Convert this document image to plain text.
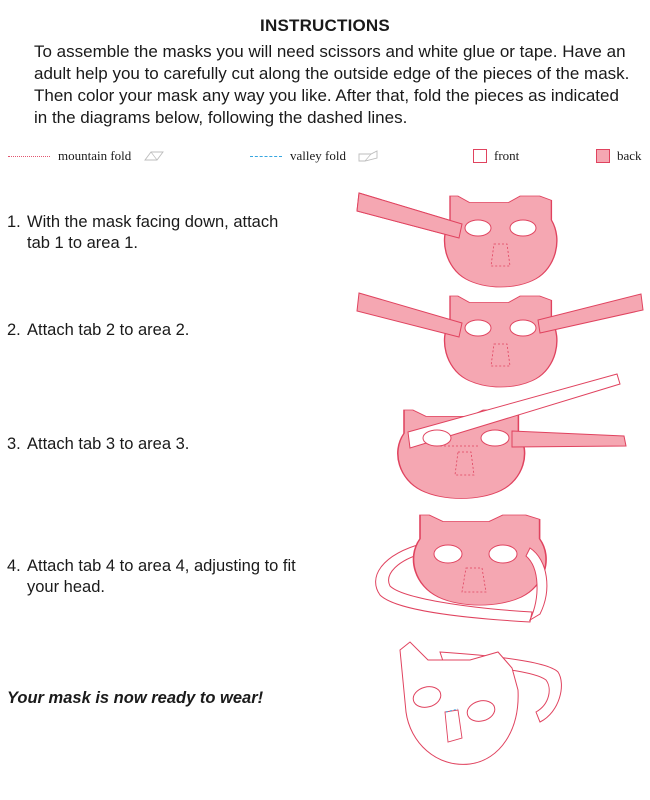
INSTRUCTIONS
To assemble the masks you will need scissors and white glue or tape. Have an adult help you to carefully cut along the outside edge of the pieces of the mask. Then color your mask any way you like. After that, fold the pieces as indicated in the diagrams below, following the dashed lines.
mountain fold	valley fold	front	back
1. With the mask facing down, attach
tab 1 to area 1.
2. Attach tab 2 to area 2.
3. Attach tab 3 to area 3.
4. Attach tab 4 to area 4, adjusting to fit
your head.
Your mask is now ready to wear!
